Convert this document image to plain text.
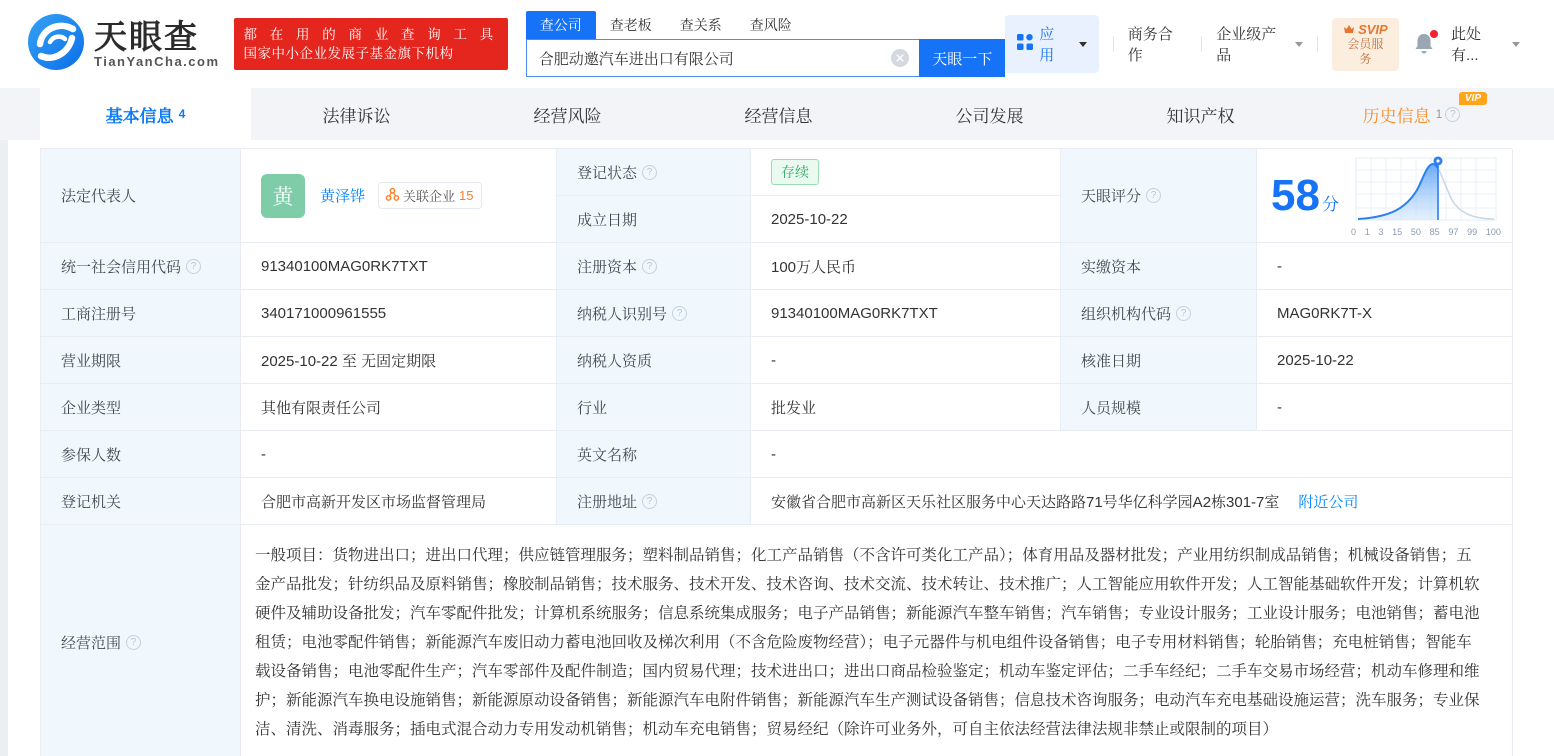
天眼查
TianYanCha.com
都 在 用 的 商 业 查 询 工 具
国家中小企业发展子基金旗下机构
查公司	查老板	查关系	查风险
合肥动邀汽车进出口有限公司
天眼一下
应用
商务合作
企业级产品
SVIP
会员服务
此处有...
基本信息 4	法律诉讼	经营风险	经营信息	公司发展	知识产权
VIP
历史信息 1 ?
法定代表人	黄	黄泽铧	关联企业 15
登记状态 ?	存续
天眼评分 ?	58 分
0 1 3 15 50 85 97 99 100
成立日期	2025-10-22
统一社会信用代码 ?	91340100MAG0RK7TXT	注册资本 ?	100万人民币	实缴资本	-
工商注册号	340171000961555	纳税人识别号 ?	91340100MAG0RK7TXT	组织机构代码 ?	MAG0RK7T-X
营业期限	2025-10-22 至 无固定期限	纳税人资质	-	核准日期	2025-10-22
企业类型	其他有限责任公司	行业	批发业	人员规模	-
参保人数	-	英文名称	-
登记机关	合肥市高新开发区市场监督管理局	注册地址 ?	安徽省合肥市高新区天乐社区服务中心天达路路71号华亿科学园A2栋301-7室 附近公司
经营范围 ?
一般项目：货物进出口；进出口代理；供应链管理服务；塑料制品销售；化工产品销售（不含许可类化工产品）；体育用品及器材批发；产业用纺织制成品销售；机械设备销售；五金产品批发；针纺织品及原料销售；橡胶制品销售；技术服务、技术开发、技术咨询、技术交流、技术转让、技术推广；人工智能应用软件开发；人工智能基础软件开发；计算机软硬件及辅助设备批发；汽车零配件批发；计算机系统服务；信息系统集成服务；电子产品销售；新能源汽车整车销售；汽车销售；专业设计服务；工业设计服务；电池销售；蓄电池租赁；电池零配件销售；新能源汽车废旧动力蓄电池回收及梯次利用（不含危险废物经营）；电子元器件与机电组件设备销售；电子专用材料销售；轮胎销售；充电桩销售；智能车载设备销售；电池零配件生产；汽车零部件及配件制造；国内贸易代理；技术进出口；进出口商品检验鉴定；机动车鉴定评估；二手车经纪；二手车交易市场经营；机动车修理和维护；新能源汽车换电设施销售；新能源原动设备销售；新能源汽车电附件销售；新能源汽车生产测试设备销售；信息技术咨询服务；电动汽车充电基础设施运营；洗车服务；专业保洁、清洗、消毒服务；插电式混合动力专用发动机销售；机动车充电销售；贸易经纪（除许可业务外，可自主依法经营法律法规非禁止或限制的项目）
